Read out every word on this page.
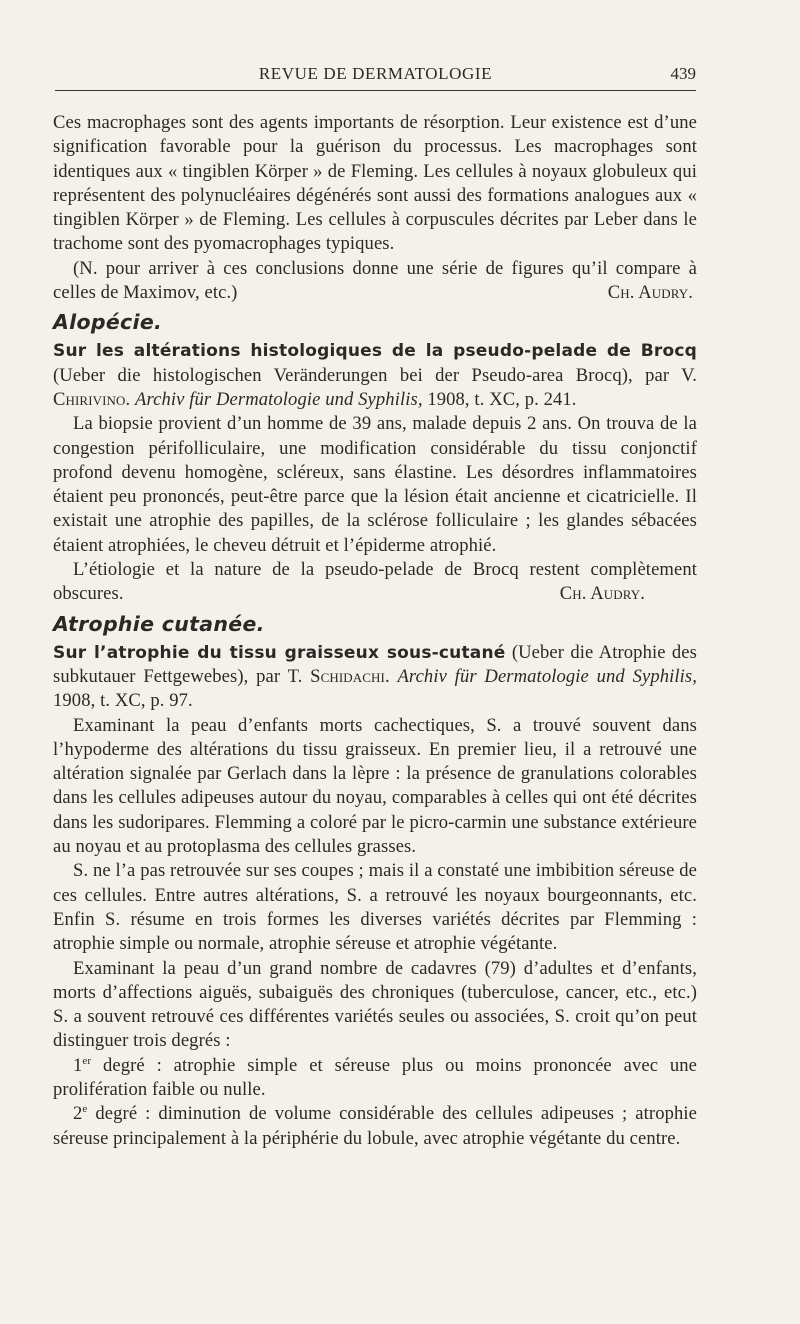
REVUE DE DERMATOLOGIE	439

Ces macrophages sont des agents importants de résorption. Leur existence est d’une signification favorable pour la guérison du processus. Les macrophages sont identiques aux « tingiblen Körper » de Fleming. Les cellules à noyaux globuleux qui représentent des polynucléaires dégénérés sont aussi des formations analogues aux « tingiblen Körper » de Fleming. Les cellules à corpuscules décrites par Leber dans le trachome sont des pyomacrophages typiques.

(N. pour arriver à ces conclusions donne une série de figures qu’il compare à celles de Maximov, etc.)	Ch. Audry.

Alopécie.

Sur les altérations histologiques de la pseudo-pelade de Brocq (Ueber die histologischen Veränderungen bei der Pseudo-area Brocq), par V. Chirivino. Archiv für Dermatologie und Syphilis, 1908, t. XC, p. 241.

La biopsie provient d’un homme de 39 ans, malade depuis 2 ans. On trouva de la congestion périfolliculaire, une modification considérable du tissu conjonctif profond devenu homogène, scléreux, sans élastine. Les désordres inflammatoires étaient peu prononcés, peut-être parce que la lésion était ancienne et cicatricielle. Il existait une atrophie des papilles, de la sclérose folliculaire ; les glandes sébacées étaient atrophiées, le cheveu détruit et l’épiderme atrophié.

L’étiologie et la nature de la pseudo-pelade de Brocq restent complètement obscures.	Ch. Audry.

Atrophie cutanée.

Sur l’atrophie du tissu graisseux sous-cutané (Ueber die Atrophie des subkutauer Fettgewebes), par T. Schidachi. Archiv für Dermatologie und Syphilis, 1908, t. XC, p. 97.

Examinant la peau d’enfants morts cachectiques, S. a trouvé souvent dans l’hypoderme des altérations du tissu graisseux. En premier lieu, il a retrouvé une altération signalée par Gerlach dans la lèpre : la présence de granulations colorables dans les cellules adipeuses autour du noyau, comparables à celles qui ont été décrites dans les sudoripares. Flemming a coloré par le picro-carmin une substance extérieure au noyau et au protoplasma des cellules grasses.

S. ne l’a pas retrouvée sur ses coupes ; mais il a constaté une imbibition séreuse de ces cellules. Entre autres altérations, S. a retrouvé les noyaux bourgeonnants, etc. Enfin S. résume en trois formes les diverses variétés décrites par Flemming : atrophie simple ou normale, atrophie séreuse et atrophie végétante.

Examinant la peau d’un grand nombre de cadavres (79) d’adultes et d’enfants, morts d’affections aiguës, subaiguës des chroniques (tuberculose, cancer, etc., etc.) S. a souvent retrouvé ces différentes variétés seules ou associées, S. croit qu’on peut distinguer trois degrés :

1er degré : atrophie simple et séreuse plus ou moins prononcée avec une prolifération faible ou nulle.

2e degré : diminution de volume considérable des cellules adipeuses ; atrophie séreuse principalement à la périphérie du lobule, avec atrophie végétante du centre.
